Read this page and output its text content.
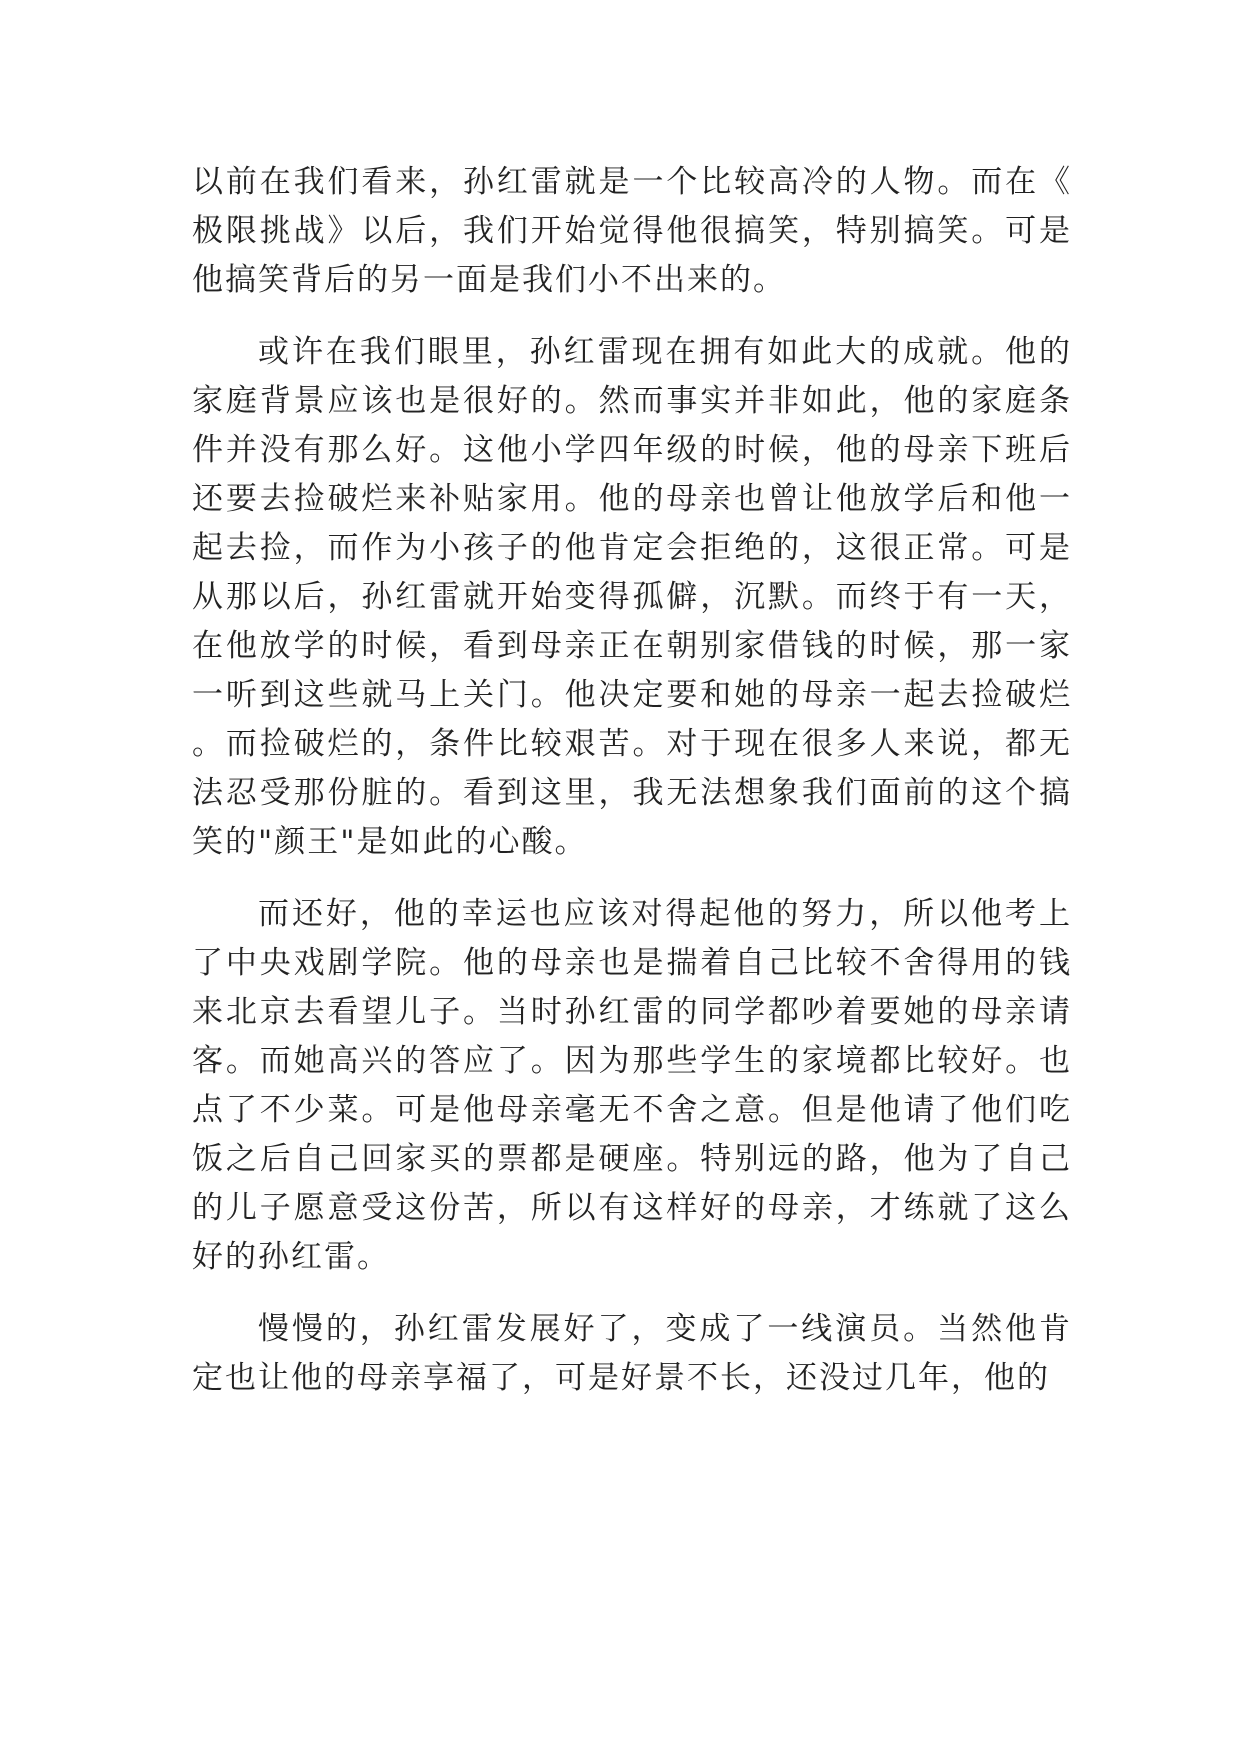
以前在我们看来，孙红雷就是一个比较高冷的人物。而在《极限挑战》以后，我们开始觉得他很搞笑，特别搞笑。可是他搞笑背后的另一面是我们小不出来的。

或许在我们眼里，孙红雷现在拥有如此大的成就。他的家庭背景应该也是很好的。然而事实并非如此，他的家庭条件并没有那么好。这他小学四年级的时候，他的母亲下班后还要去捡破烂来补贴家用。他的母亲也曾让他放学后和他一起去捡，而作为小孩子的他肯定会拒绝的，这很正常。可是从那以后，孙红雷就开始变得孤僻，沉默。而终于有一天，在他放学的时候，看到母亲正在朝别家借钱的时候，那一家一听到这些就马上关门。他决定要和她的母亲一起去捡破烂。而捡破烂的，条件比较艰苦。对于现在很多人来说，都无法忍受那份脏的。看到这里，我无法想象我们面前的这个搞笑的"颜王"是如此的心酸。

而还好，他的幸运也应该对得起他的努力，所以他考上了中央戏剧学院。他的母亲也是揣着自己比较不舍得用的钱来北京去看望儿子。当时孙红雷的同学都吵着要她的母亲请客。而她高兴的答应了。因为那些学生的家境都比较好。也点了不少菜。可是他母亲毫无不舍之意。但是他请了他们吃饭之后自己回家买的票都是硬座。特别远的路，他为了自己的儿子愿意受这份苦，所以有这样好的母亲，才练就了这么好的孙红雷。

慢慢的，孙红雷发展好了，变成了一线演员。当然他肯定也让他的母亲享福了，可是好景不长，还没过几年，他的
